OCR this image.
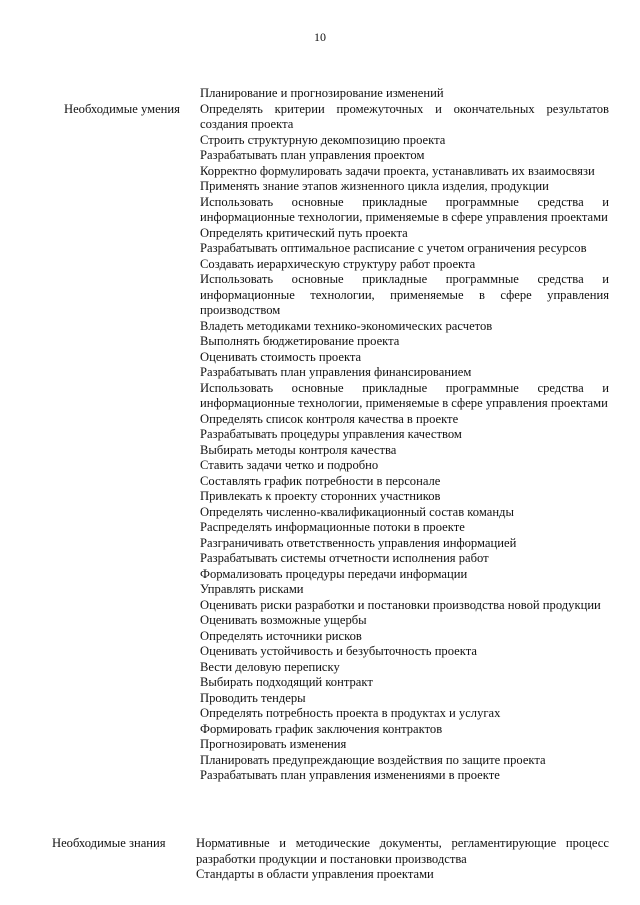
10
Необходимые умения
Планирование и прогнозирование изменений
Определять критерии промежуточных и окончательных результатов создания проекта
Строить структурную декомпозицию проекта
Разрабатывать план управления проектом
Корректно формулировать задачи проекта, устанавливать их взаимосвязи
Применять знание этапов жизненного цикла изделия, продукции
Использовать основные прикладные программные средства и информационные технологии, применяемые в сфере управления проектами
Определять критический путь проекта
Разрабатывать оптимальное расписание с учетом ограничения ресурсов
Создавать иерархическую структуру работ проекта
Использовать основные прикладные программные средства и информационные технологии, применяемые в сфере управления производством
Владеть методиками технико-экономических расчетов
Выполнять бюджетирование проекта
Оценивать стоимость проекта
Разрабатывать план управления финансированием
Использовать основные прикладные программные средства и информационные технологии, применяемые в сфере управления проектами
Определять список контроля качества в проекте
Разрабатывать процедуры управления качеством
Выбирать методы контроля качества
Ставить задачи четко и подробно
Составлять график потребности в персонале
Привлекать к проекту сторонних участников
Определять численно-квалификационный состав команды
Распределять информационные потоки в проекте
Разграничивать ответственность управления информацией
Разрабатывать системы отчетности исполнения работ
Формализовать процедуры передачи информации
Управлять рисками
Оценивать риски разработки и постановки производства новой продукции
Оценивать возможные ущербы
Определять источники рисков
Оценивать устойчивость и безубыточность проекта
Вести деловую переписку
Выбирать подходящий контракт
Проводить тендеры
Определять потребность проекта в продуктах и услугах
Формировать график заключения контрактов
Прогнозировать изменения
Планировать предупреждающие воздействия по защите проекта
Разрабатывать план управления изменениями в проекте
Необходимые знания	Нормативные и методические документы, регламентирующие процесс разработки продукции и постановки производства
Стандарты в области управления проектами
